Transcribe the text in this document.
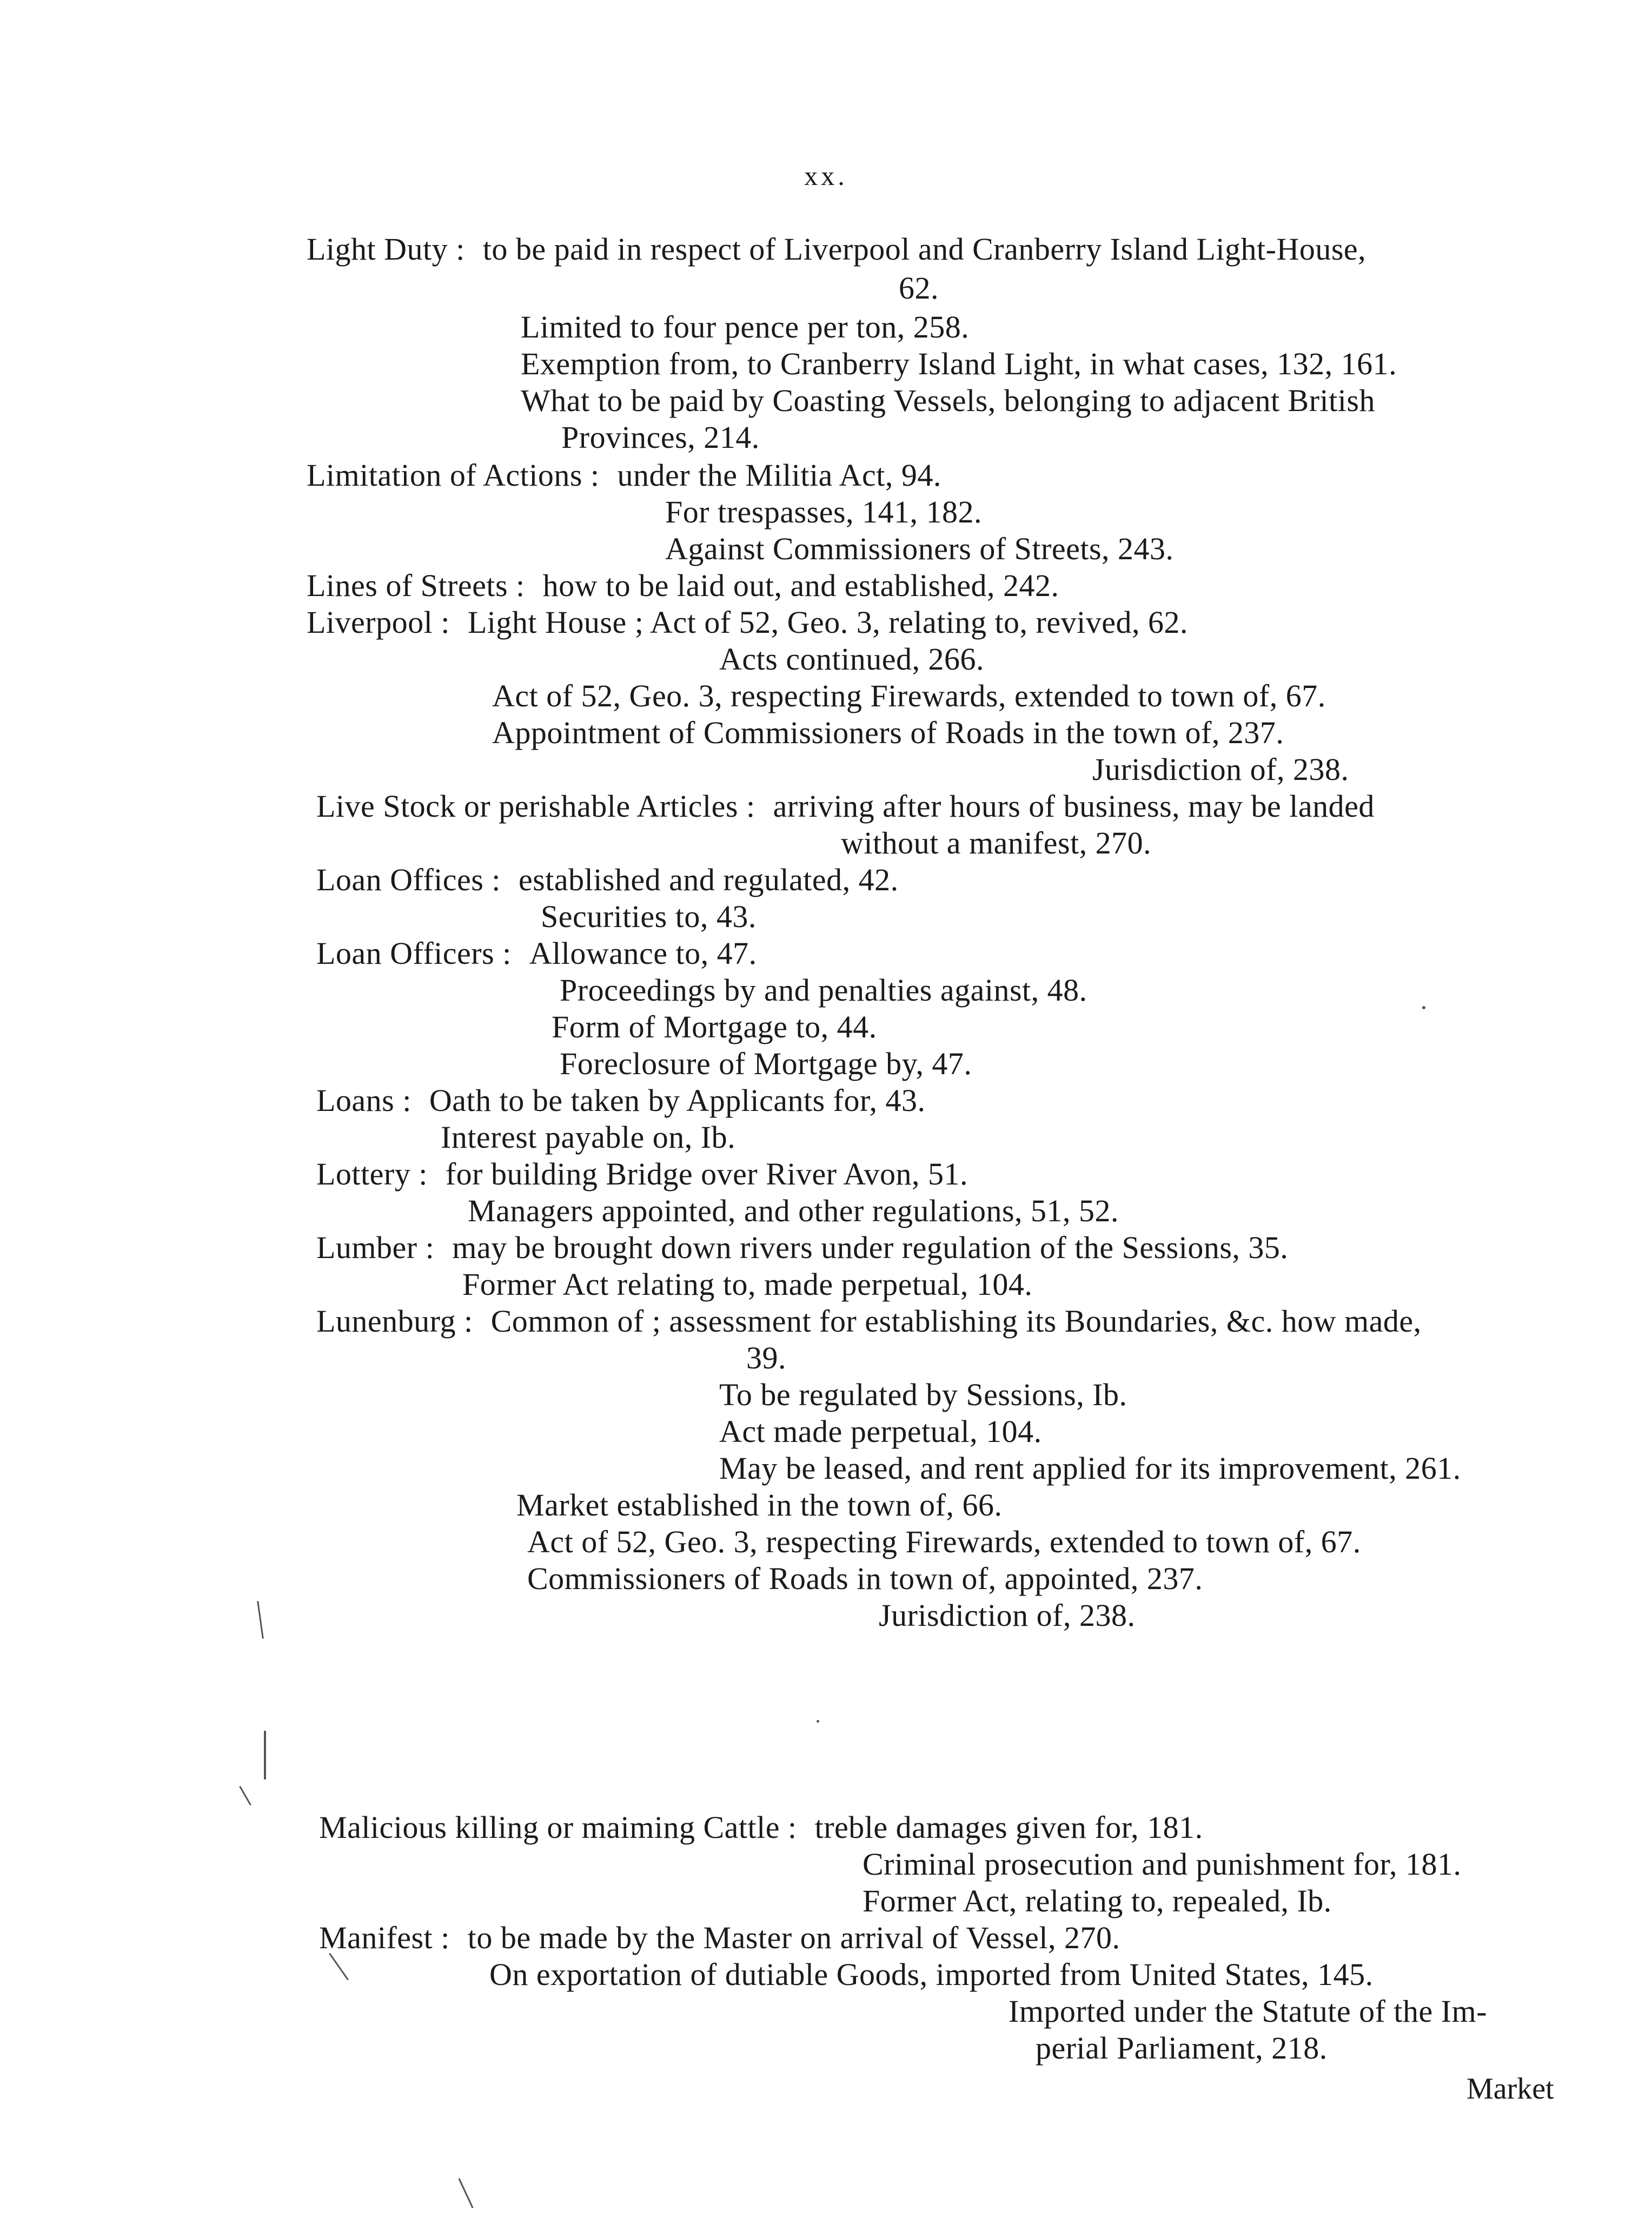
xx.
Light Duty : to be paid in respect of Liverpool and Cranberry Island Light-House,
62.
Limited to four pence per ton, 258.
Exemption from, to Cranberry Island Light, in what cases, 132, 161.
What to be paid by Coasting Vessels, belonging to adjacent British
Provinces, 214.
Limitation of Actions : under the Militia Act, 94.
For trespasses, 141, 182.
Against Commissioners of Streets, 243.
Lines of Streets : how to be laid out, and established, 242.
Liverpool : Light House ; Act of 52, Geo. 3, relating to, revived, 62.
Acts continued, 266.
Act of 52, Geo. 3, respecting Firewards, extended to town of, 67.
Appointment of Commissioners of Roads in the town of, 237.
Jurisdiction of, 238.
Live Stock or perishable Articles : arriving after hours of business, may be landed
without a manifest, 270.
Loan Offices : established and regulated, 42.
Securities to, 43.
Loan Officers : Allowance to, 47.
Proceedings by and penalties against, 48.
Form of Mortgage to, 44.
Foreclosure of Mortgage by, 47.
Loans : Oath to be taken by Applicants for, 43.
Interest payable on, Ib.
Lottery : for building Bridge over River Avon, 51.
Managers appointed, and other regulations, 51, 52.
Lumber : may be brought down rivers under regulation of the Sessions, 35.
Former Act relating to, made perpetual, 104.
Lunenburg : Common of ; assessment for establishing its Boundaries, &c. how made,
39.
To be regulated by Sessions, Ib.
Act made perpetual, 104.
May be leased, and rent applied for its improvement, 261.
Market established in the town of, 66.
Act of 52, Geo. 3, respecting Firewards, extended to town of, 67.
Commissioners of Roads in town of, appointed, 237.
Jurisdiction of, 238.
Malicious killing or maiming Cattle : treble damages given for, 181.
Criminal prosecution and punishment for, 181.
Former Act, relating to, repealed, Ib.
Manifest : to be made by the Master on arrival of Vessel, 270.
On exportation of dutiable Goods, imported from United States, 145.
Imported under the Statute of the Im-
perial Parliament, 218.
Market
